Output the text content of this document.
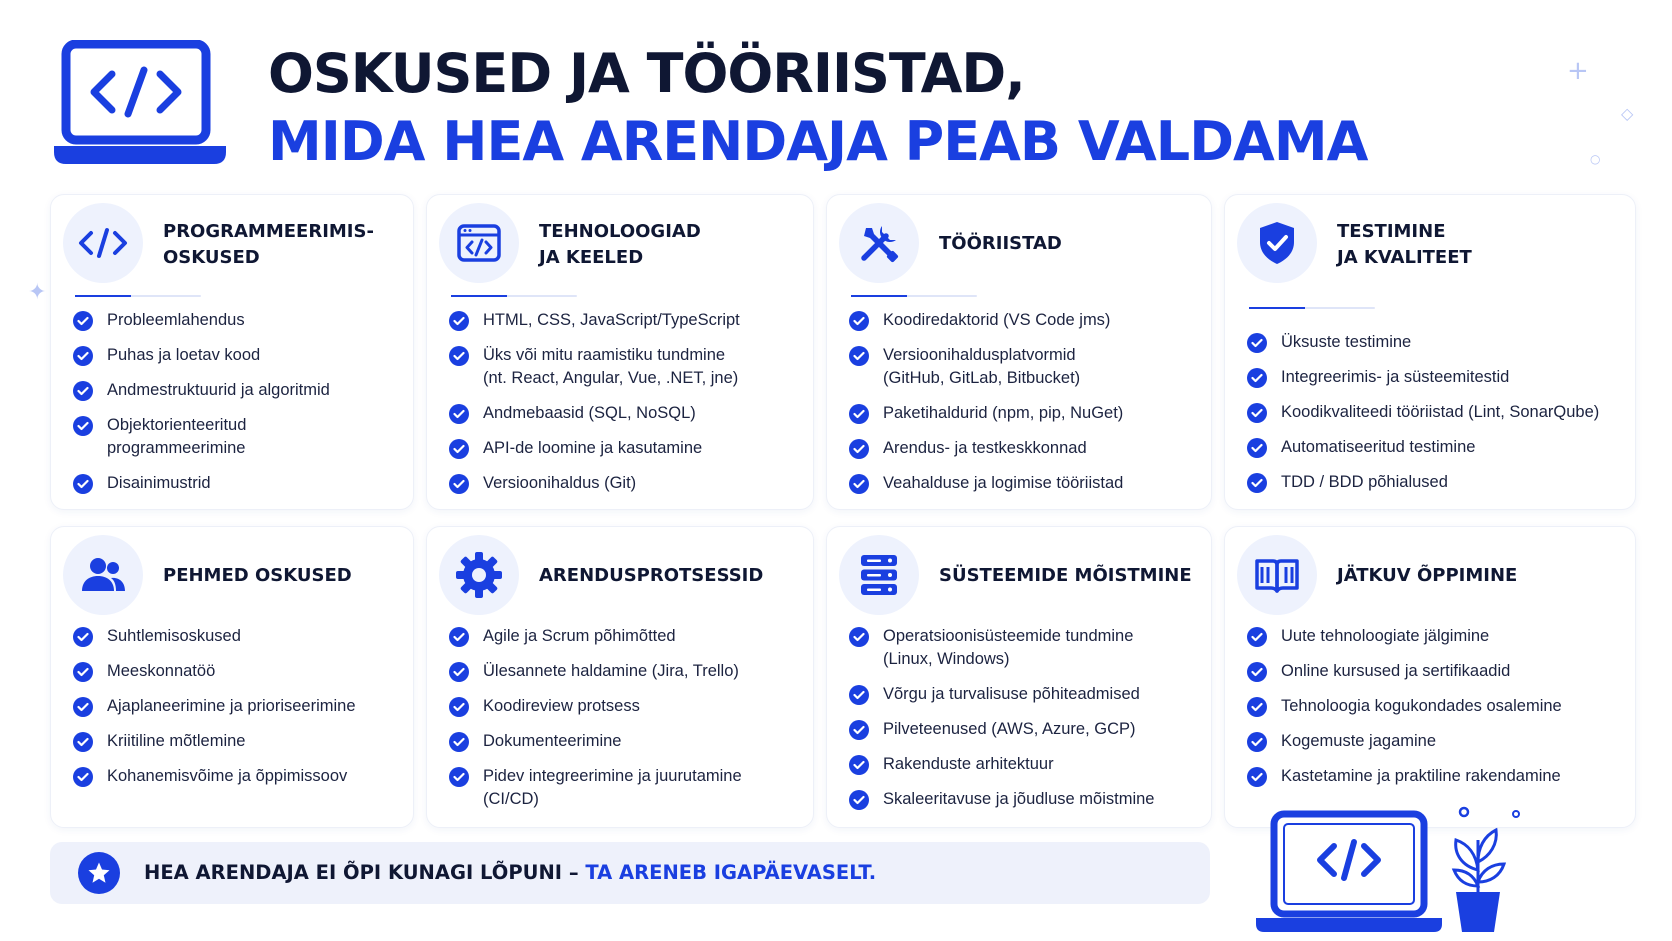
OSKUSED JA TÖÖRIISTAD,
MIDA HEA ARENDAJA PEAB VALDAMA
+
◇
○
✦
PROGRAMMEERIMIS-
OSKUSED
Probleemlahendus
Puhas ja loetav kood
Andmestruktuurid ja algoritmid
Objektorienteeritud
programmeerimine
Disainimustrid
TEHNOLOOGIAD
JA KEELED
HTML, CSS, JavaScript/TypeScript
Üks või mitu raamistiku tundmine
(nt. React, Angular, Vue, .NET, jne)
Andmebaasid (SQL, NoSQL)
API-de loomine ja kasutamine
Versioonihaldus (Git)
TÖÖRIISTAD
Koodiredaktorid (VS Code jms)
Versioonihaldusplatvormid
(GitHub, GitLab, Bitbucket)
Paketihaldurid (npm, pip, NuGet)
Arendus- ja testkeskkonnad
Veahalduse ja logimise tööriistad
TESTIMINE
JA KVALITEET
Üksuste testimine
Integreerimis- ja süsteemitestid
Koodikvaliteedi tööriistad (Lint, SonarQube)
Automatiseeritud testimine
TDD / BDD põhialused
PEHMED OSKUSED
Suhtlemisoskused
Meeskonnatöö
Ajaplaneerimine ja prioriseerimine
Kriitiline mõtlemine
Kohanemisvõime ja õppimissoov
ARENDUSPROTSESSID
Agile ja Scrum põhimõtted
Ülesannete haldamine (Jira, Trello)
Koodireview protsess
Dokumenteerimine
Pidev integreerimine ja juurutamine
(CI/CD)
SÜSTEEMIDE MÕISTMINE
Operatsioonisüsteemide tundmine
(Linux, Windows)
Võrgu ja turvalisuse põhiteadmised
Pilveteenused (AWS, Azure, GCP)
Rakenduste arhitektuur
Skaleeritavuse ja jõudluse mõistmine
JÄTKUV ÕPPIMINE
Uute tehnoloogiate jälgimine
Online kursused ja sertifikaadid
Tehnoloogia kogukondades osalemine
Kogemuste jagamine
Kastetamine ja praktiline rakendamine
HEA ARENDAJA EI ÕPI KUNAGI LÕPUNI – TA ARENEB IGAPÄEVASELT.
